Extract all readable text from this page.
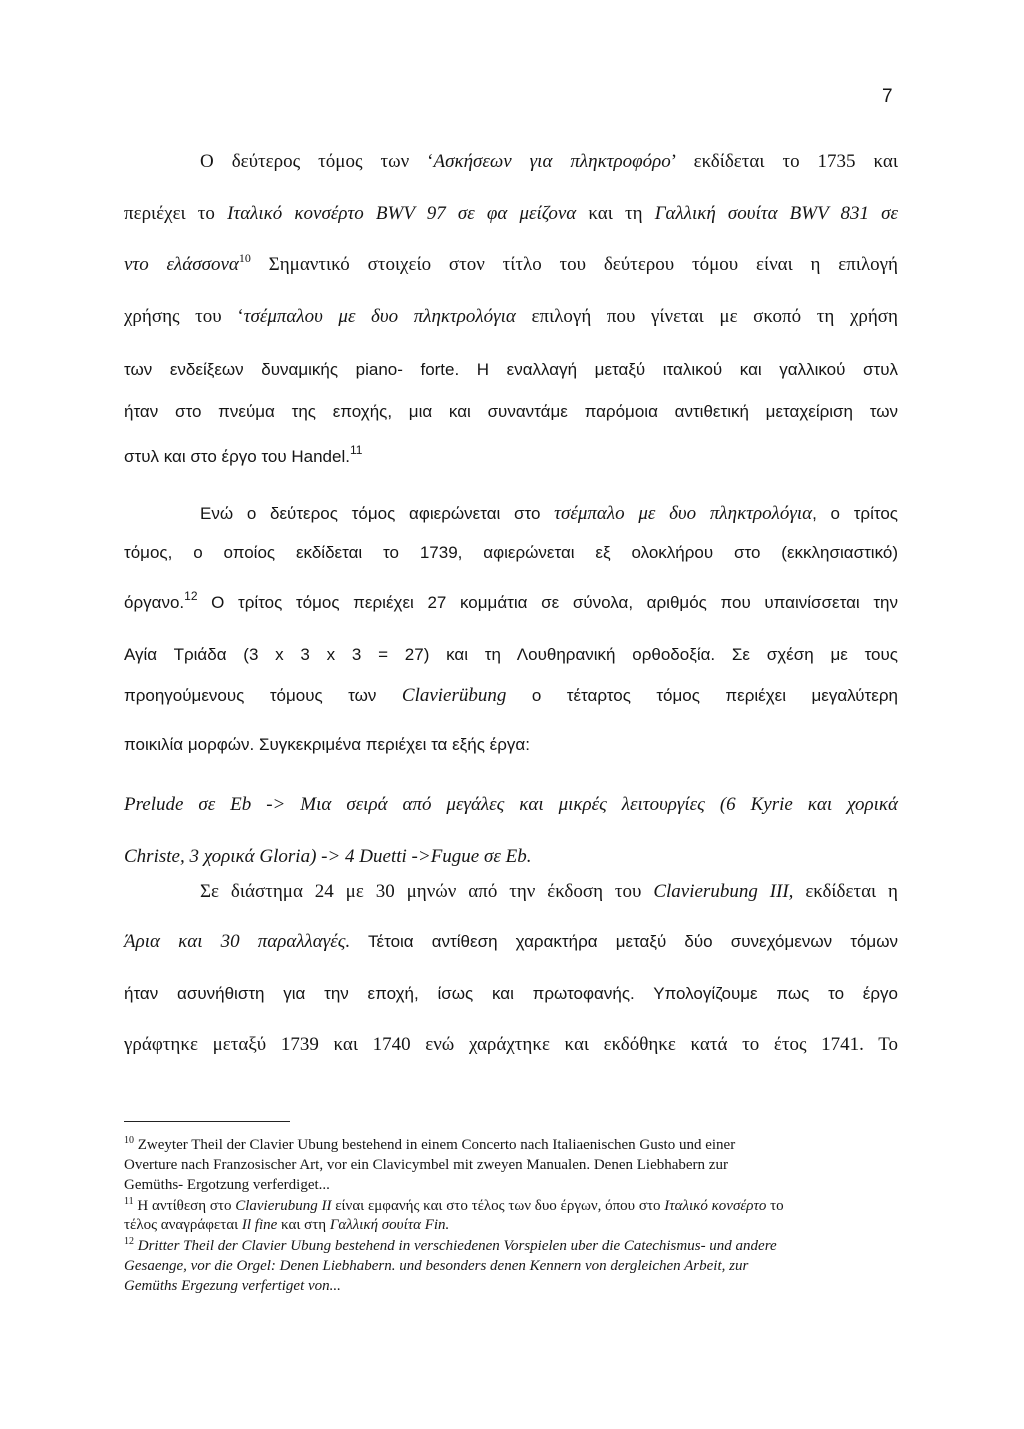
7
Ο δεύτερος τόμος των ‘Ασκήσεων για πληκτροφόρο’ εκδίδεται το 1735 και
περιέχει το Ιταλικό κονσέρτο BWV 97 σε φα μείζονα και τη Γαλλική σουίτα BWV 831 σε
ντο ελάσσονα$^{10}$ Σημαντικό στοιχείο στον τίτλο του δεύτερου τόμου είναι η επιλογή
χρήσης του ‘τσέμπαλου με δυο πληκτρολόγια επιλογή που γίνεται με σκοπό τη χρήση
των ενδείξεων δυναμικής piano- forte. Η εναλλαγή μεταξύ ιταλικού και γαλλικού στυλ
ήταν στο πνεύμα της εποχής, μια και συναντάμε παρόμοια αντιθετική μεταχείριση των
στυλ και στο έργο του Handel.$^{11}$
Ενώ ο δεύτερος τόμος αφιερώνεται στο τσέμπαλο με δυο πληκτρολόγια, ο τρίτος
τόμος, ο οποίος εκδίδεται το 1739, αφιερώνεται εξ ολοκλήρου στο (εκκλησιαστικό)
όργανο.$^{12}$ Ο τρίτος τόμος περιέχει 27 κομμάτια σε σύνολα, αριθμός που υπαινίσσεται την
Αγία Τριάδα (3 x 3 x 3 = 27) και τη Λουθηρανική ορθοδοξία. Σε σχέση με τους
προηγούμενους τόμους των Clavierübung ο τέταρτος τόμος περιέχει μεγαλύτερη
ποικιλία μορφών. Συγκεκριμένα περιέχει τα εξής έργα:
Prelude σε Eb -> Μια σειρά από μεγάλες και μικρές λειτουργίες (6 Kyrie και χορικά
Christe, 3 χορικά Gloria) -> 4 Duetti ->Fugue σε Eb.
Σε διάστημα 24 με 30 μηνών από την έκδοση του Clavierubung III, εκδίδεται η
Άρια και 30 παραλλαγές. Τέτοια αντίθεση χαρακτήρα μεταξύ δύο συνεχόμενων τόμων
ήταν ασυνήθιστη για την εποχή, ίσως και πρωτοφανής. Υπολογίζουμε πως το έργο
γράφτηκε μεταξύ 1739 και 1740 ενώ χαράχτηκε και εκδόθηκε κατά το έτος 1741. Το
$^{10}$ Zweyter Theil der Clavier Ubung bestehend in einem Concerto nach Italiaenischen Gusto und einer
Overture nach Franzosischer Art, vor ein Clavicymbel mit zweyen Manualen. Denen Liebhabern zur
Gemüths- Ergotzung verferdiget...
$^{11}$ Η αντίθεση στο Clavierubung II είναι εμφανής και στο τέλος των δυο έργων, όπου στο Ιταλικό κονσέρτο το
τέλος αναγράφεται Il fine και στη Γαλλική σουίτα Fin.
$^{12}$ Dritter Theil der Clavier Ubung bestehend in verschiedenen Vorspielen uber die Catechismus- und andere
Gesaenge, vor die Orgel: Denen Liebhabern. und besonders denen Kennern von dergleichen Arbeit, zur
Gemüths Ergezung verfertiget von...
